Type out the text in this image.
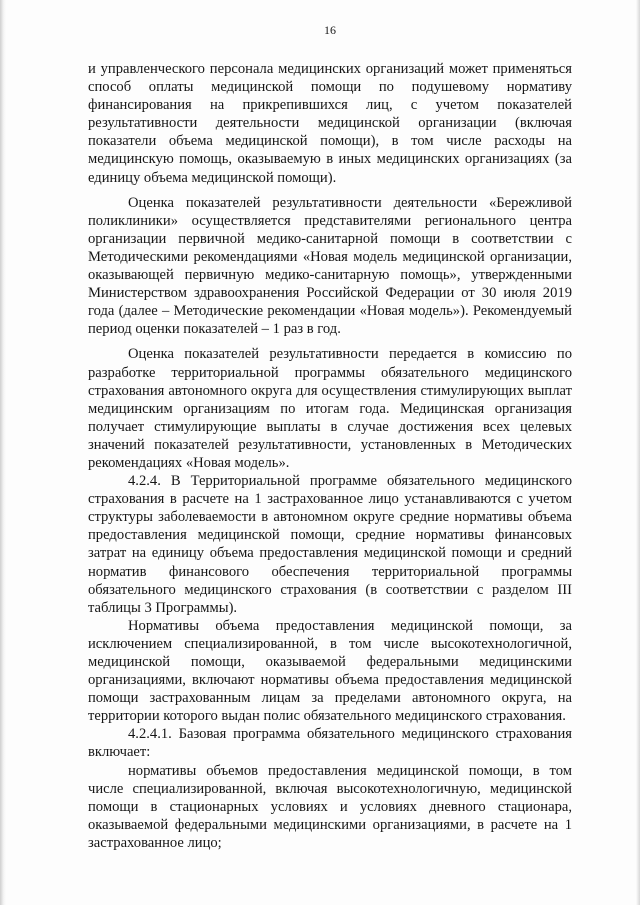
16

и управленческого персонала медицинских организаций может применяться способ оплаты медицинской помощи по подушевому нормативу финансирования на прикрепившихся лиц, с учетом показателей результативности деятельности медицинской организации (включая показатели объема медицинской помощи), в том числе расходы на медицинскую помощь, оказываемую в иных медицинских организациях (за единицу объема медицинской помощи).

Оценка показателей результативности деятельности «Бережливой поликлиники» осуществляется представителями регионального центра организации первичной медико-санитарной помощи в соответствии с Методическими рекомендациями «Новая модель медицинской организации, оказывающей первичную медико-санитарную помощь», утвержденными Министерством здравоохранения Российской Федерации от 30 июля 2019 года (далее – Методические рекомендации «Новая модель»). Рекомендуемый период оценки показателей – 1 раз в год.

Оценка показателей результативности передается в комиссию по разработке территориальной программы обязательного медицинского страхования автономного округа для осуществления стимулирующих выплат медицинским организациям по итогам года. Медицинская организация получает стимулирующие выплаты в случае достижения всех целевых значений показателей результативности, установленных в Методических рекомендациях «Новая модель».

4.2.4. В Территориальной программе обязательного медицинского страхования в расчете на 1 застрахованное лицо устанавливаются с учетом структуры заболеваемости в автономном округе средние нормативы объема предоставления медицинской помощи, средние нормативы финансовых затрат на единицу объема предоставления медицинской помощи и средний норматив финансового обеспечения территориальной программы обязательного медицинского страхования (в соответствии с разделом III таблицы 3 Программы).

Нормативы объема предоставления медицинской помощи, за исключением специализированной, в том числе высокотехнологичной, медицинской помощи, оказываемой федеральными медицинскими организациями, включают нормативы объема предоставления медицинской помощи застрахованным лицам за пределами автономного округа, на территории которого выдан полис обязательного медицинского страхования.

4.2.4.1. Базовая программа обязательного медицинского страхования включает:

нормативы объемов предоставления медицинской помощи, в том числе специализированной, включая высокотехнологичную, медицинской помощи в стационарных условиях и условиях дневного стационара, оказываемой федеральными медицинскими организациями, в расчете на 1 застрахованное лицо;
